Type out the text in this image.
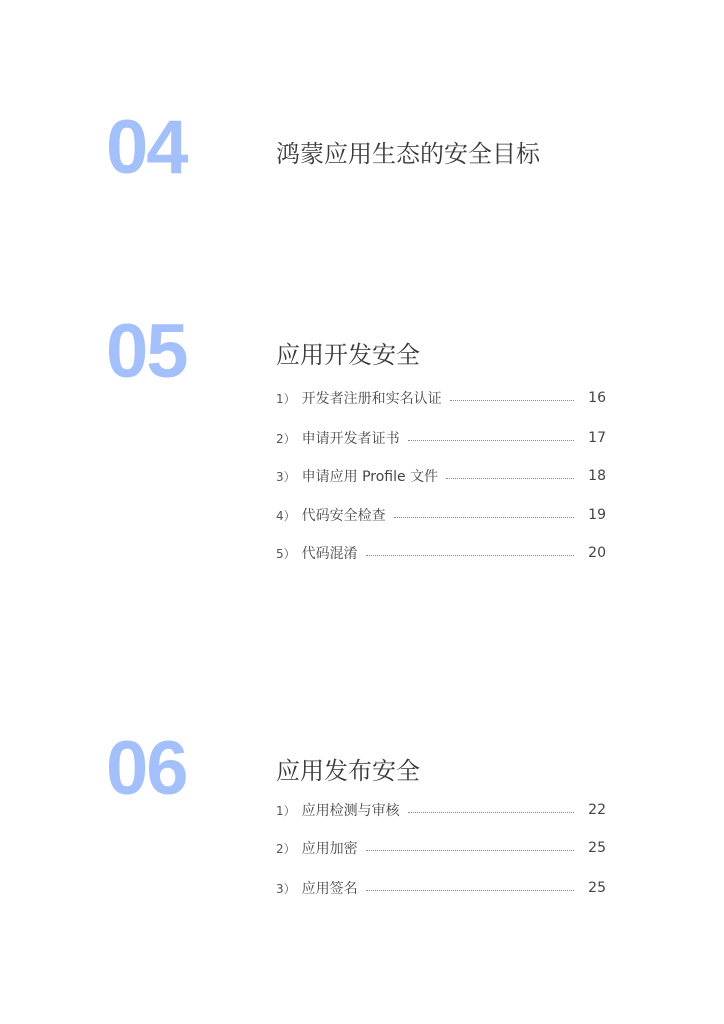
04	鸿蒙应用生态的安全目标
05	应用开发安全
1） 开发者注册和实名认证	16
2） 申请开发者证书	17
3） 申请应用 Profile 文件	18
4） 代码安全检查	19
5） 代码混淆	20
06	应用发布安全
1） 应用检测与审核	22
2） 应用加密	25
3） 应用签名	25
